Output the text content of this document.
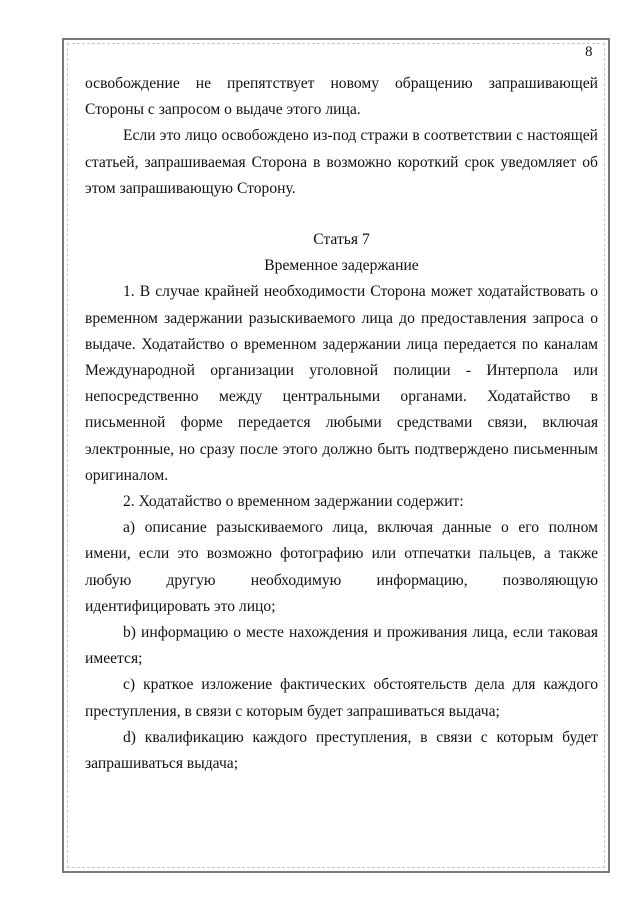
8

освобождение не препятствует новому обращению запрашивающей Стороны с запросом о выдаче этого лица.

Если это лицо освобождено из-под стражи в соответствии с настоящей статьей, запрашиваемая Сторона в возможно короткий срок уведомляет об этом запрашивающую Сторону.

Статья 7

Временное задержание

1. В случае крайней необходимости Сторона может ходатайствовать о временном задержании разыскиваемого лица до предоставления запроса о выдаче. Ходатайство о временном задержании лица передается по каналам Международной организации уголовной полиции - Интерпола или непосредственно между центральными органами. Ходатайство в письменной форме передается любыми средствами связи, включая электронные, но сразу после этого должно быть подтверждено письменным оригиналом.

2. Ходатайство о временном задержании содержит:

a) описание разыскиваемого лица, включая данные о его полном имени, если это возможно фотографию или отпечатки пальцев, а также любую другую необходимую информацию, позволяющую идентифицировать это лицо;

b) информацию о месте нахождения и проживания лица, если таковая имеется;

c) краткое изложение фактических обстоятельств дела для каждого преступления, в связи с которым будет запрашиваться выдача;

d) квалификацию каждого преступления, в связи с которым будет запрашиваться выдача;
